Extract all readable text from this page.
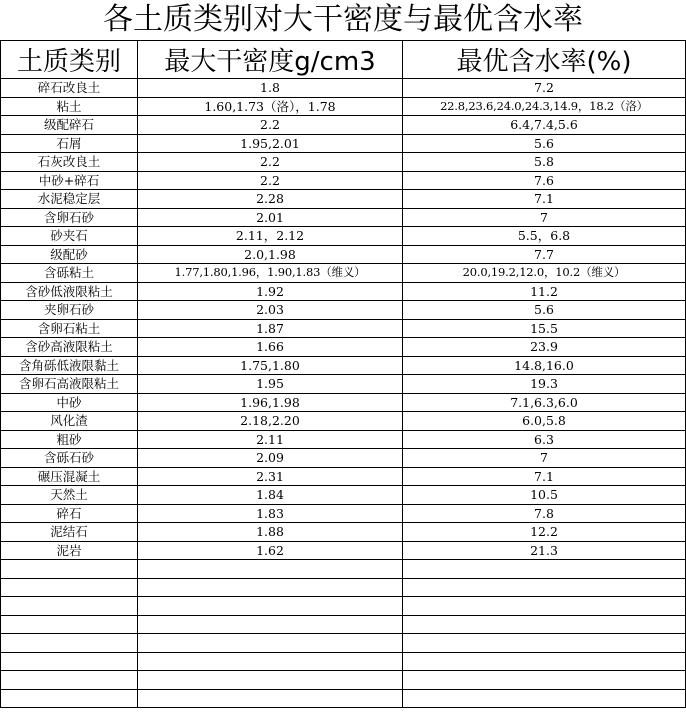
各土质类别对大干密度与最优含水率
土质类别	最大干密度g/cm3	最优含水率(%)
碎石改良土	1.8	7.2
粘土	1.60,1.73（洛），1.78	22.8,23.6,24.0,24.3,14.9，18.2（洛）
级配碎石	2.2	6.4,7.4,5.6
石屑	1.95,2.01	5.6
石灰改良土	2.2	5.8
中砂+碎石	2.2	7.6
水泥稳定层	2.28	7.1
含卵石砂	2.01	7
砂夹石	2.11，2.12	5.5，6.8
级配砂	2.0,1.98	7.7
含砾粘土	1.77,1.80,1.96，1.90,1.83（维义）	20.0,19.2,12.0，10.2（维义）
含砂低液限粘土	1.92	11.2
夹卵石砂	2.03	5.6
含卵石粘土	1.87	15.5
含砂高液限粘土	1.66	23.9
含角砾低液限黏土	1.75,1.80	14.8,16.0
含卵石高液限粘土	1.95	19.3
中砂	1.96,1.98	7.1,6.3,6.0
风化渣	2.18,2.20	6.0,5.8
粗砂	2.11	6.3
含砾石砂	2.09	7
碾压混凝土	2.31	7.1
天然土	1.84	10.5
碎石	1.83	7.8
泥结石	1.88	12.2
泥岩	1.62	21.3
